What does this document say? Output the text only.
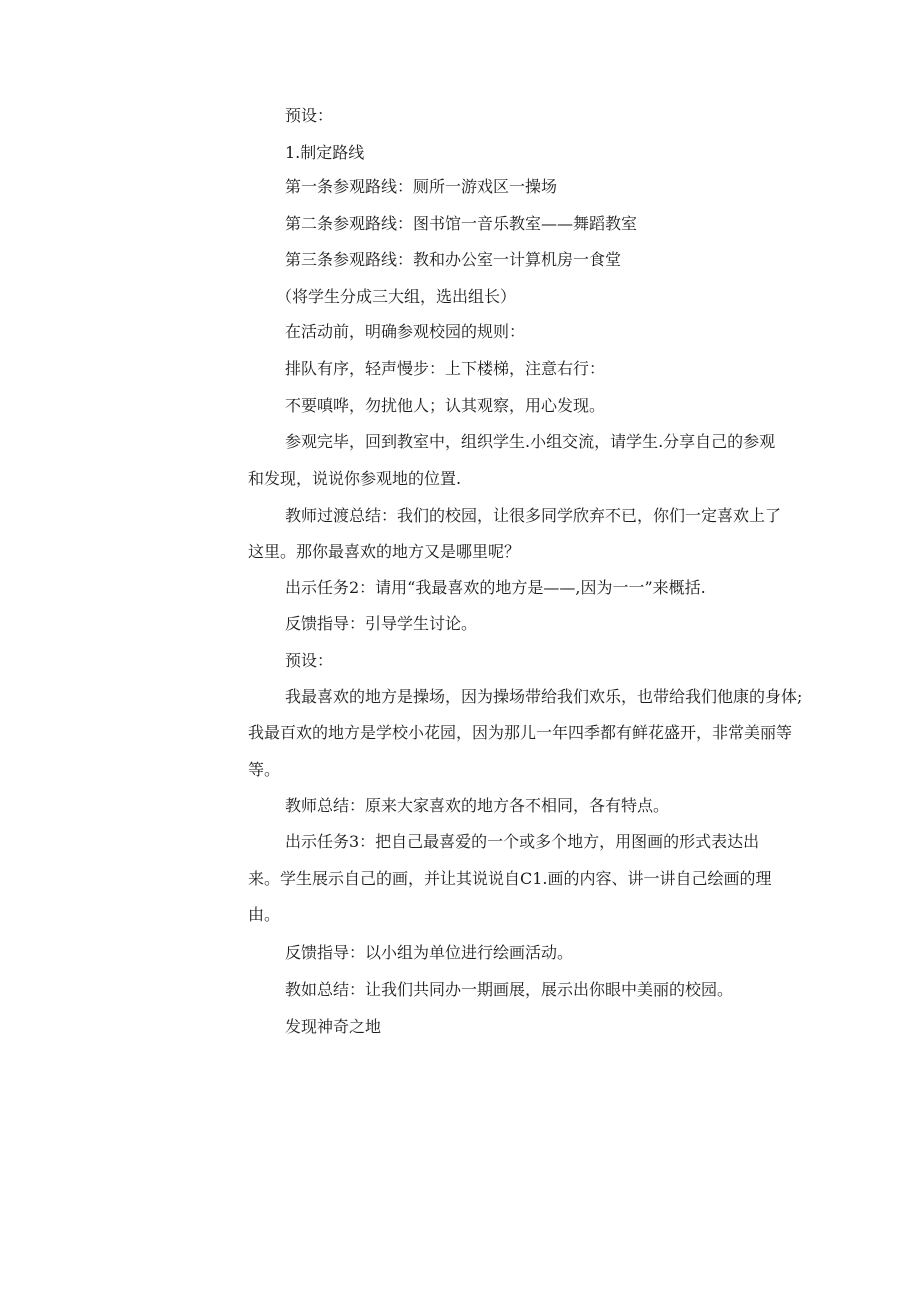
预设：
1.制定路线
第一条参观路线：厕所一游戏区一操场
第二条参观路线：图书馆一音乐教室——舞蹈教室
第三条参观路线：教和办公室一计算机房一食堂
（将学生分成三大组，选出组长）
在活动前，明确参观校园的规则：
排队有序，轻声慢步：上下楼梯，注意右行：
不要嗔哗，勿扰他人；认其观察，用心发现。
参观完毕，回到教室中，组织学生.小组交流，请学生.分享自己的参观
和发现，说说你参观地的位置.
教师过渡总结：我们的校园，让很多同学欣弃不已，你们一定喜欢上了
这里。那你最喜欢的地方又是哪里呢？
出示任务2：请用“我最喜欢的地方是——,因为一一”来概括.
反馈指导：引导学生讨论。
预设：
我最喜欢的地方是操场，因为操场带给我们欢乐，也带给我们他康的身体;
我最百欢的地方是学校小花园，因为那儿一年四季都有鲜花盛开，非常美丽等
等。
教师总结：原来大家喜欢的地方各不相同，各有特点。
出示任务3：把自己最喜爱的一个或多个地方，用图画的形式表达出
来。学生展示自己的画，并让其说说自C1.画的内容、讲一讲自己绘画的理
由。
反馈指导：以小组为单位进行绘画活动。
教如总结：让我们共同办一期画展，展示出你眼中美丽的校园。
发现神奇之地
